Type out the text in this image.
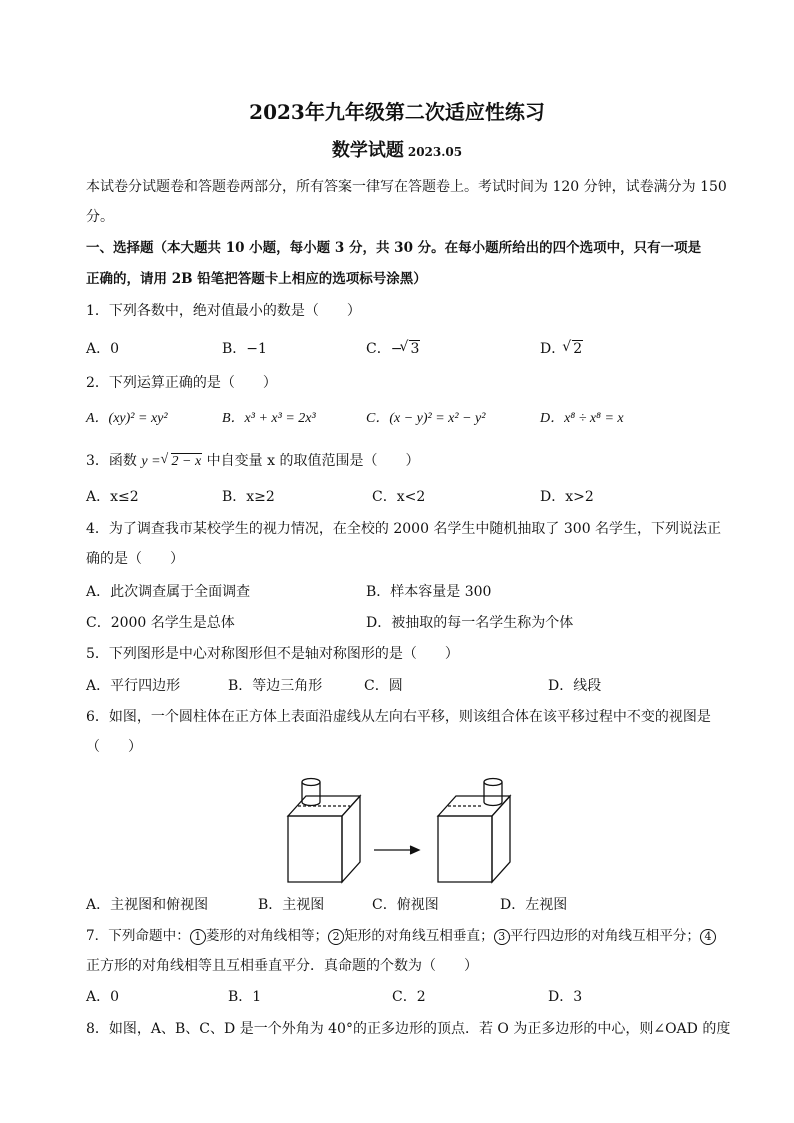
2023年九年级第二次适应性练习
数学试题 2023.05
本试卷分试题卷和答题卷两部分，所有答案一律写在答题卷上。考试时间为 120 分钟，试卷满分为 150
分。
一、选择题（本大题共 10 小题，每小题 3 分，共 30 分。在每小题所给出的四个选项中，只有一项是
正确的，请用 2B 铅笔把答题卡上相应的选项标号涂黑）
1．下列各数中，绝对值最小的数是（　　）
A．0	B．−1	C．− √ 3	D． √ 2
2．下列运算正确的是（　　）
A．(xy)² = xy²	B．x³ + x³ = 2x³	C．(x − y)² = x² − y²	D．x⁸ ÷ x⁸ = x
3．函数 y = √ 2 − x 中自变量 x 的取值范围是（　　）
A．x≤2	B．x≥2	C．x<2	D．x>2
4．为了调查我市某校学生的视力情况，在全校的 2000 名学生中随机抽取了 300 名学生，下列说法正
确的是（　　）
A．此次调查属于全面调查	B．样本容量是 300
C．2000 名学生是总体	D．被抽取的每一名学生称为个体
5．下列图形是中心对称图形但不是轴对称图形的是（　　）
A．平行四边形	B．等边三角形	C．圆	D．线段
6．如图，一个圆柱体在正方体上表面沿虚线从左向右平移，则该组合体在该平移过程中不变的视图是
（　　）
A．主视图和俯视图	B．主视图	C．俯视图	D．左视图
7．下列命题中： 1 菱形的对角线相等； 2 矩形的对角线互相垂直； 3 平行四边形的对角线互相平分； 4
正方形的对角线相等且互相垂直平分．真命题的个数为（　　）
A．0	B．1	C．2	D．3
8．如图，A、B、C、D 是一个外角为 40°的正多边形的顶点．若 O 为正多边形的中心，则∠OAD 的度
